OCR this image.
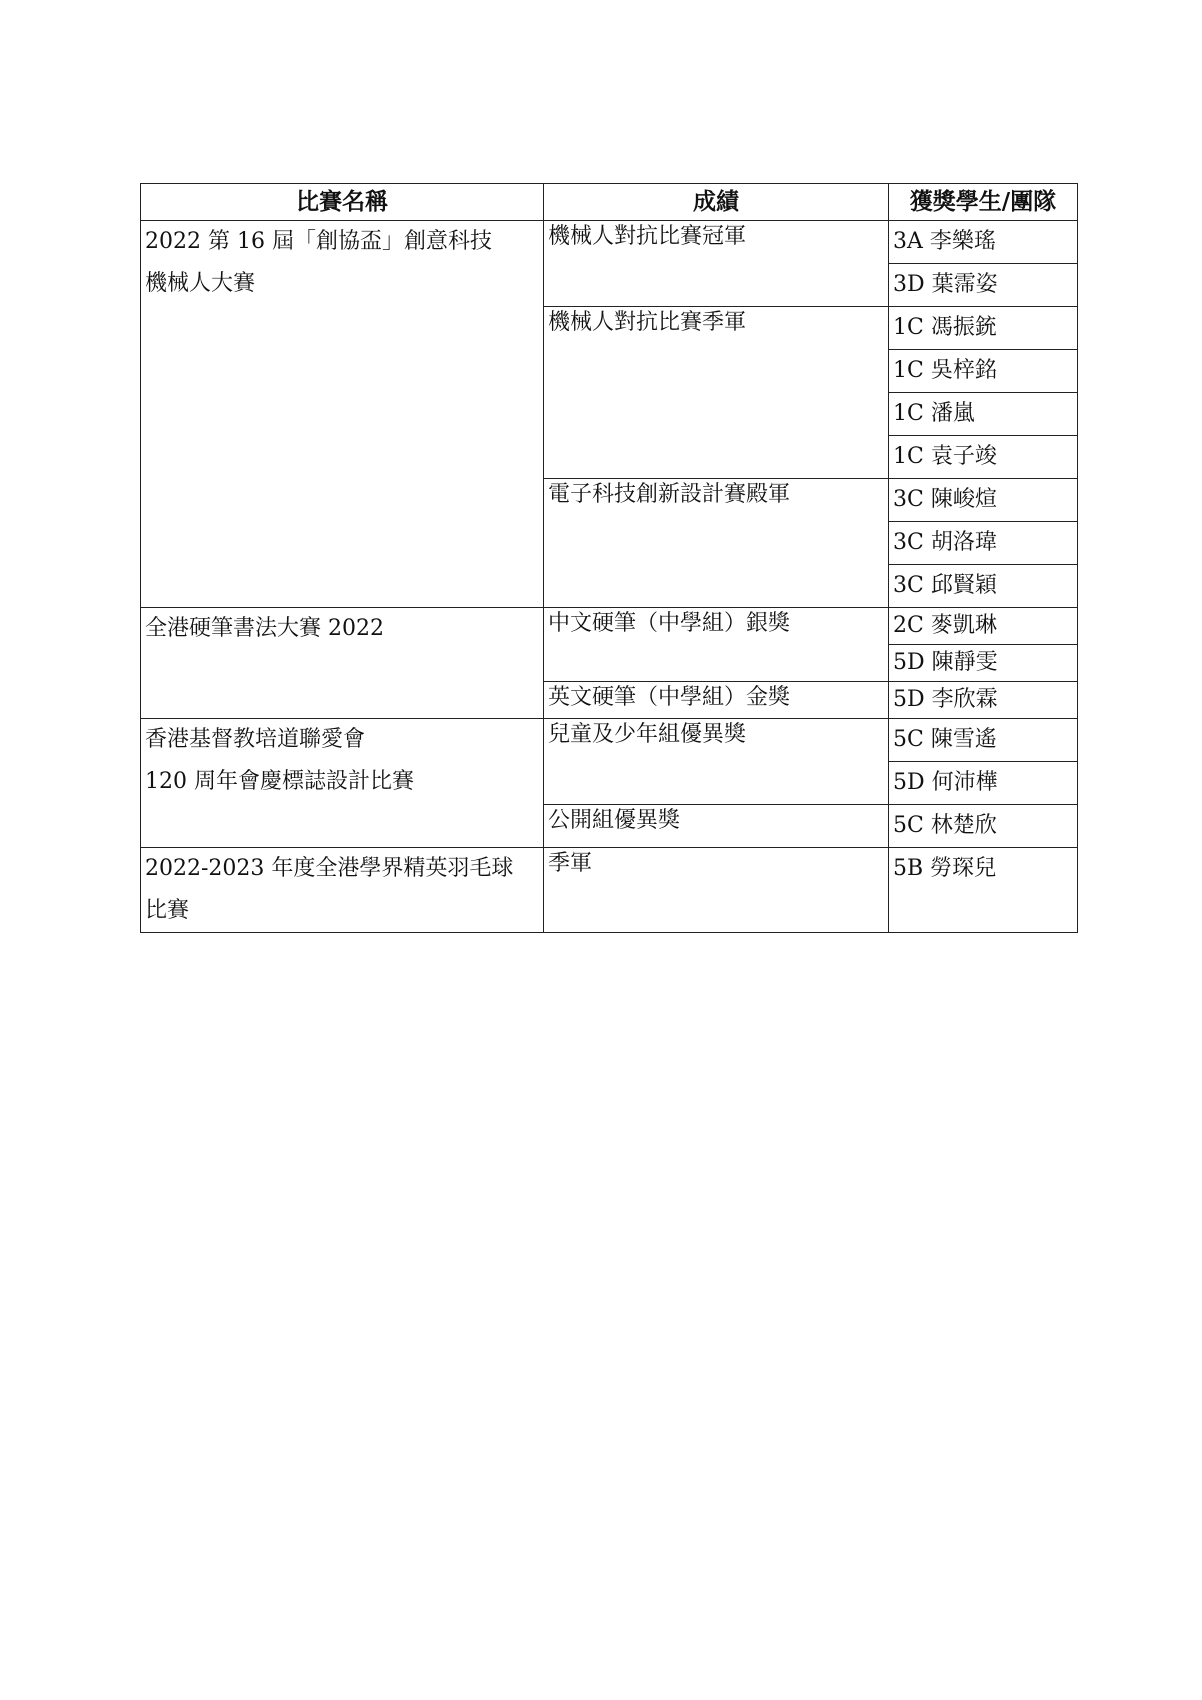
比賽名稱	成績	獲獎學生/團隊

2022 第 16 屆「創協盃」創意科技
機械人大賽	機械人對抗比賽冠軍	3A 李樂瑤
		3D 葉霈姿
	機械人對抗比賽季軍	1C 馮振銃
		1C 吳梓銘
		1C 潘嵐
		1C 袁子竣
	電子科技創新設計賽殿軍	3C 陳峻煊
		3C 胡洛瑋
		3C 邱賢穎

全港硬筆書法大賽 2022	中文硬筆（中學組）銀獎	2C 麥凱琳
		5D 陳靜雯
	英文硬筆（中學組）金獎	5D 李欣霖

香港基督教培道聯愛會
120 周年會慶標誌設計比賽	兒童及少年組優異獎	5C 陳雪遙
		5D 何沛樺
	公開組優異獎	5C 林楚欣

2022-2023 年度全港學界精英羽毛球
比賽	季軍	5B 勞琛兒
